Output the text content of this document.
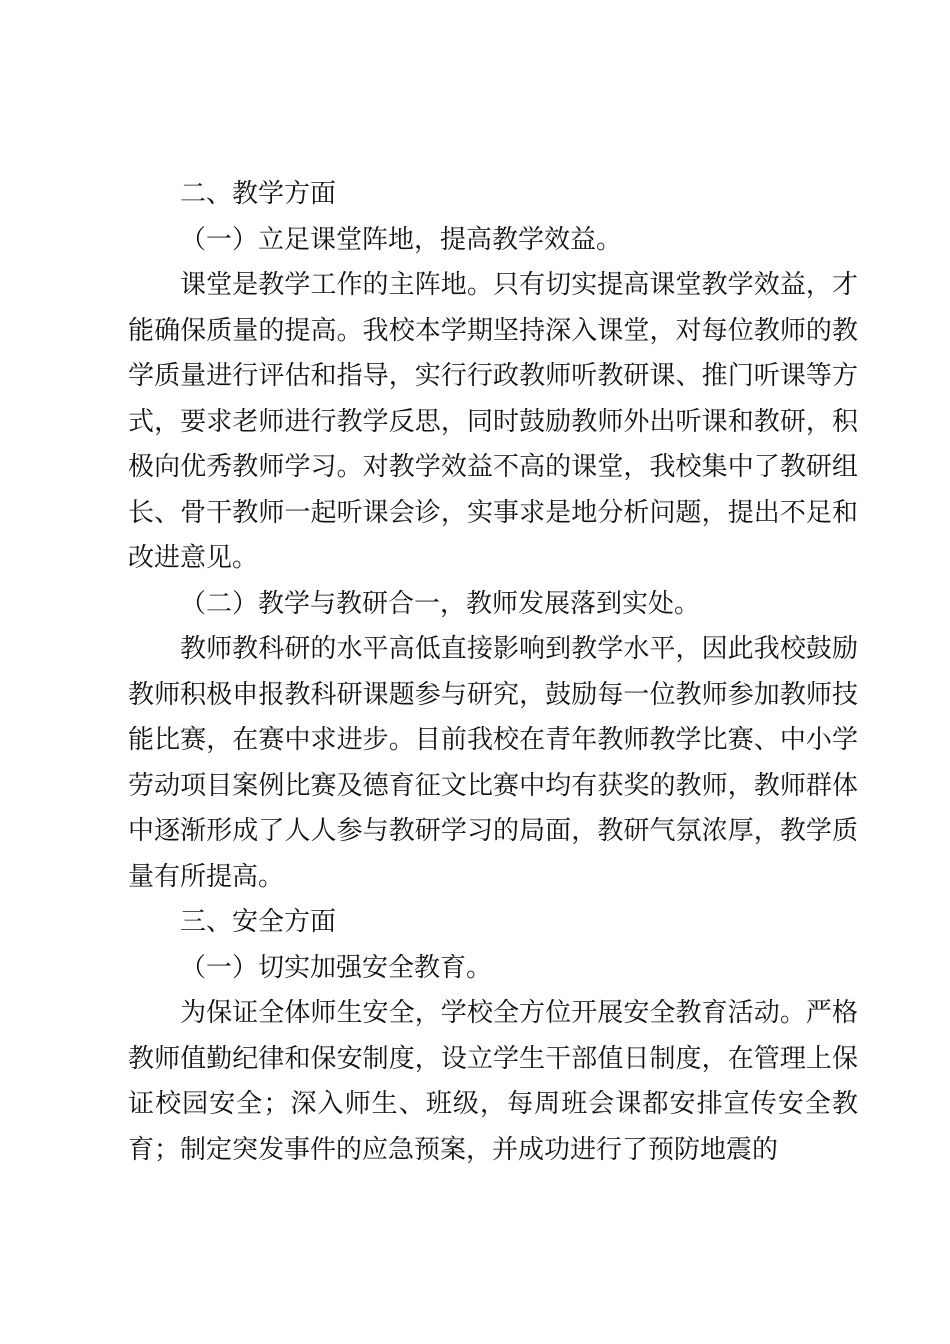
二、教学方面

（一）立足课堂阵地，提高教学效益。

课堂是教学工作的主阵地。只有切实提高课堂教学效益，才能确保质量的提高。我校本学期坚持深入课堂，对每位教师的教学质量进行评估和指导，实行行政教师听教研课、推门听课等方式，要求老师进行教学反思，同时鼓励教师外出听课和教研，积极向优秀教师学习。对教学效益不高的课堂，我校集中了教研组长、骨干教师一起听课会诊，实事求是地分析问题，提出不足和改进意见。

（二）教学与教研合一，教师发展落到实处。

教师教科研的水平高低直接影响到教学水平，因此我校鼓励教师积极申报教科研课题参与研究，鼓励每一位教师参加教师技能比赛，在赛中求进步。目前我校在青年教师教学比赛、中小学劳动项目案例比赛及德育征文比赛中均有获奖的教师，教师群体中逐渐形成了人人参与教研学习的局面，教研气氛浓厚，教学质量有所提高。

三、安全方面

（一）切实加强安全教育。

为保证全体师生安全，学校全方位开展安全教育活动。严格教师值勤纪律和保安制度，设立学生干部值日制度，在管理上保证校园安全；深入师生、班级，每周班会课都安排宣传安全教育；制定突发事件的应急预案，并成功进行了预防地震的
